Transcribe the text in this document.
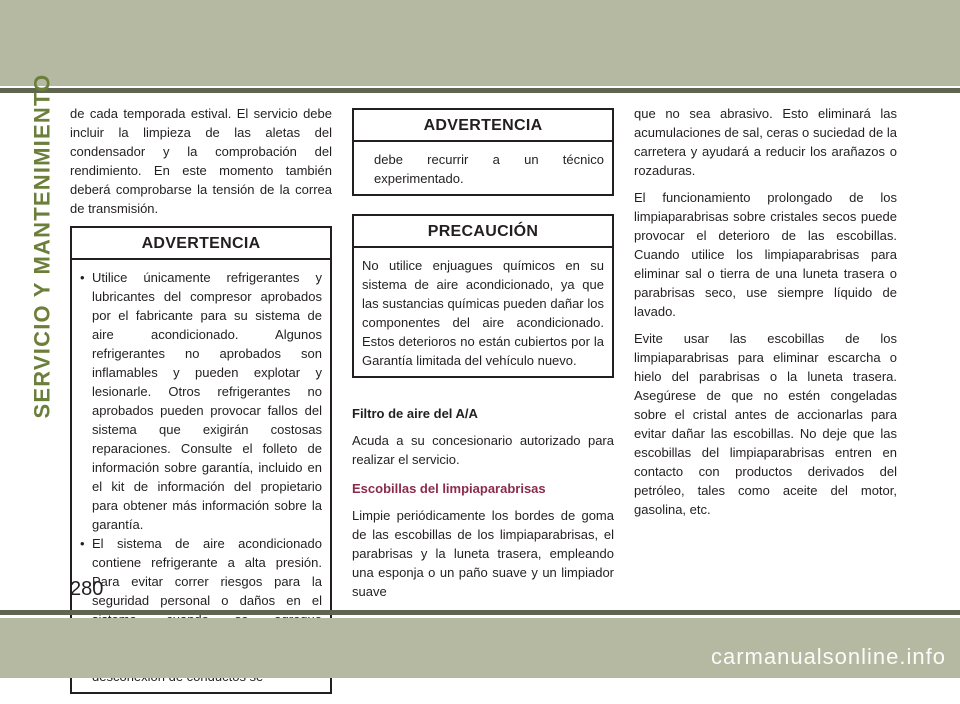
SERVICIO Y MANTENIMIENTO de cada temporada estival. El servicio debe incluir la limpieza de las aletas del condensador y la comprobación del rendimiento. En este momento también deberá comprobarse la tensión de la correa de transmisión.

ADVERTENCIA
• Utilice únicamente refrigerantes y lubricantes del compresor aprobados por el fabricante para su sistema de aire acondicionado. Algunos refrigerantes no aprobados son inflamables y pueden explotar y lesionarle. Otros refrigerantes no aprobados pueden provocar fallos del sistema que exigirán costosas reparaciones. Consulte el folleto de información sobre garantía, incluido en el kit de información del propietario para obtener más información sobre la garantía.
• El sistema de aire acondicionado contiene refrigerante a alta presión. Para evitar correr riesgos para la seguridad personal o daños en el
ADVERTENCIA

debe recurrir a un técnico experimentado.

PRECAUCIÓN

No utilice enjuagues químicos en su sistema de aire acondicionado, ya que las sustancias químicas pueden dañar los componentes del aire acondicionado. Estos deterioros no están cubiertos por la Garantía limitada del vehículo nuevo.

Filtro de aire del A/A

Acuda a su concesionario autorizado para realizar el servicio.

Escobillas del limpiaparabrisas

Limpie periódicamente los bordes de goma de las escobillas de los limpiaparabrisas, el parabrisas y la luneta trasera, empleando una esponja o un paño suave y un limpiador suave

que no sea abrasivo. Esto eliminará las acumulaciones de sal, ceras o suciedad de la carretera y ayudará a reducir los arañazos o rozaduras.

El funcionamiento prolongado de los limpiaparabrisas sobre cristales secos puede provocar el deterioro de las escobillas. Cuando utilice los limpiaparabrisas para eliminar sal o tierra de una luneta trasera o parabrisas seco, use siempre líquido de lavado.

Evite usar las escobillas de los limpiaparabrisas para eliminar escarcha o hielo del parabrisas o la luneta trasera. Asegúrese de que no estén congeladas sobre el cristal antes de accionarlas para evitar dañar las escobillas. No deje que las escobillas del limpiaparabrisas entren en contacto con productos derivados del petróleo, tales como aceite del motor, gasolina, etc.

280
carmanualsonline.info
